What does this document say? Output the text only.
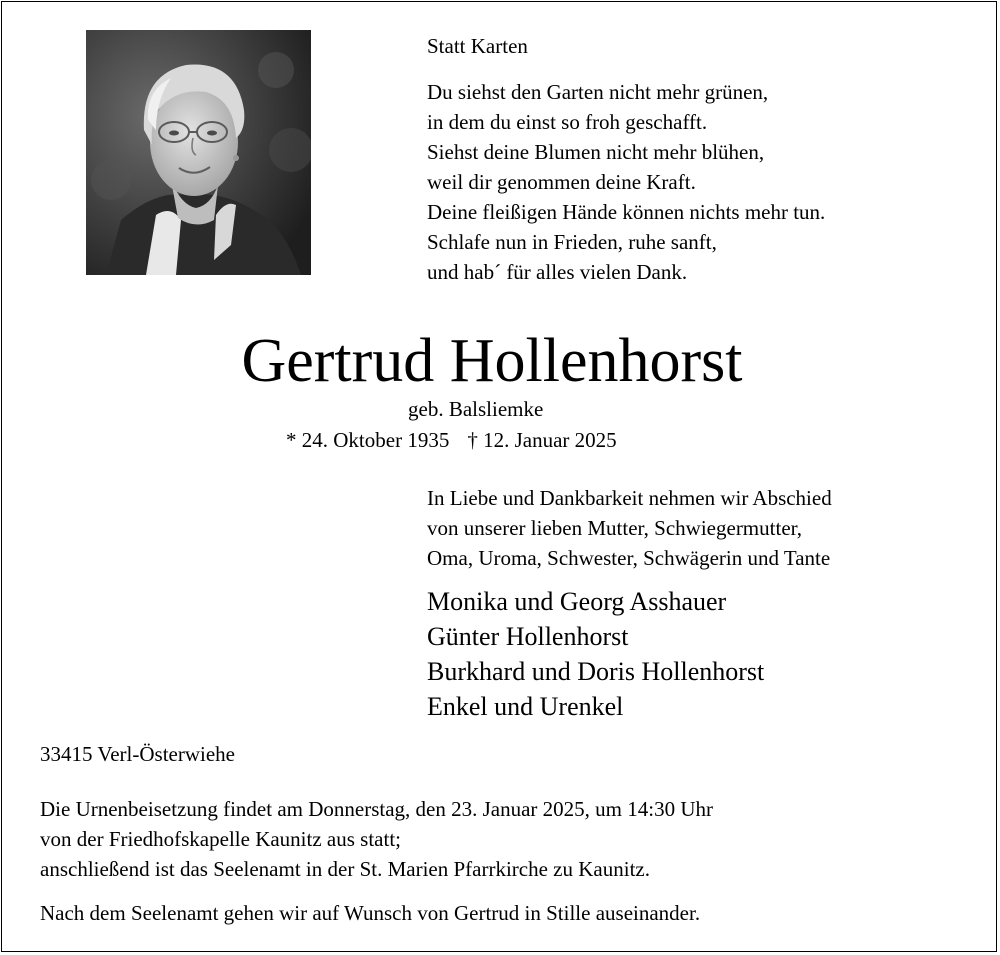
Statt Karten
Du siehst den Garten nicht mehr grünen,
in dem du einst so froh geschafft.
Siehst deine Blumen nicht mehr blühen,
weil dir genommen deine Kraft.
Deine fleißigen Hände können nichts mehr tun.
Schlafe nun in Frieden, ruhe sanft,
und hab´ für alles vielen Dank.
Gertrud Hollenhorst
geb. Balsliemke
* 24. Oktober 1935 † 12. Januar 2025
In Liebe und Dankbarkeit nehmen wir Abschied
von unserer lieben Mutter, Schwiegermutter,
Oma, Uroma, Schwester, Schwägerin und Tante
Monika und Georg Asshauer
Günter Hollenhorst
Burkhard und Doris Hollenhorst
Enkel und Urenkel
33415 Verl-Österwiehe
Die Urnenbeisetzung findet am Donnerstag, den 23. Januar 2025, um 14:30 Uhr
von der Friedhofskapelle Kaunitz aus statt;
anschließend ist das Seelenamt in der St. Marien Pfarrkirche zu Kaunitz.
Nach dem Seelenamt gehen wir auf Wunsch von Gertrud in Stille auseinander.
